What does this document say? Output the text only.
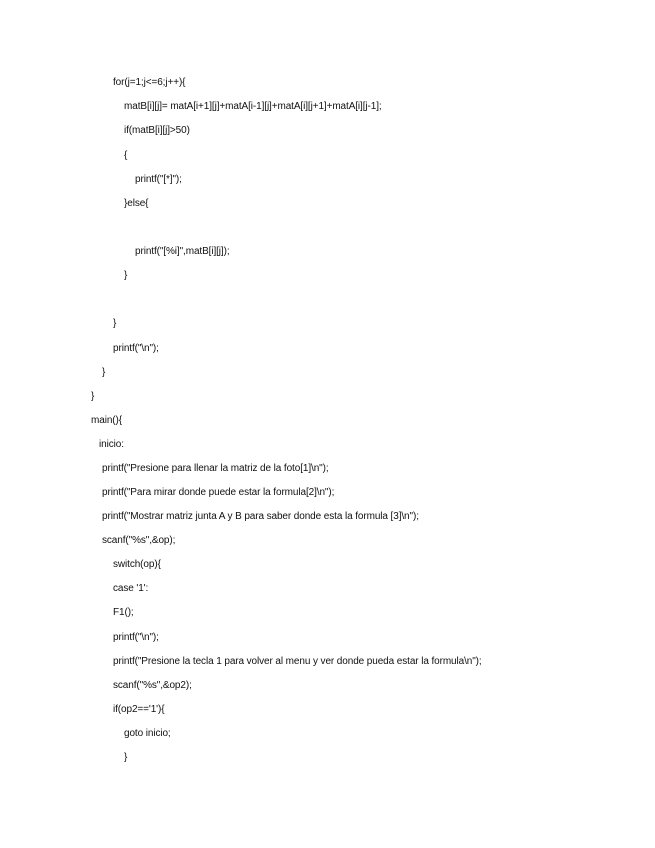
for(j=1;j<=6;j++){
matB[i][j]= matA[i+1][j]+matA[i-1][j]+matA[i][j+1]+matA[i][j-1];
if(matB[i][j]>50)
{
printf("[*]");
}else{
printf("[%i]",matB[i][j]);
}
}
printf("\n");
}
}
main(){
inicio:
printf("Presione para llenar la matriz de la foto[1]\n");
printf("Para mirar donde puede estar la formula[2]\n");
printf("Mostrar matriz junta A y B para saber donde esta la formula [3]\n");
scanf("%s",&op);
switch(op){
case '1':
F1();
printf("\n");
printf("Presione la tecla 1 para volver al menu y ver donde pueda estar la formula\n");
scanf("%s",&op2);
if(op2=='1'){
goto inicio;
}
